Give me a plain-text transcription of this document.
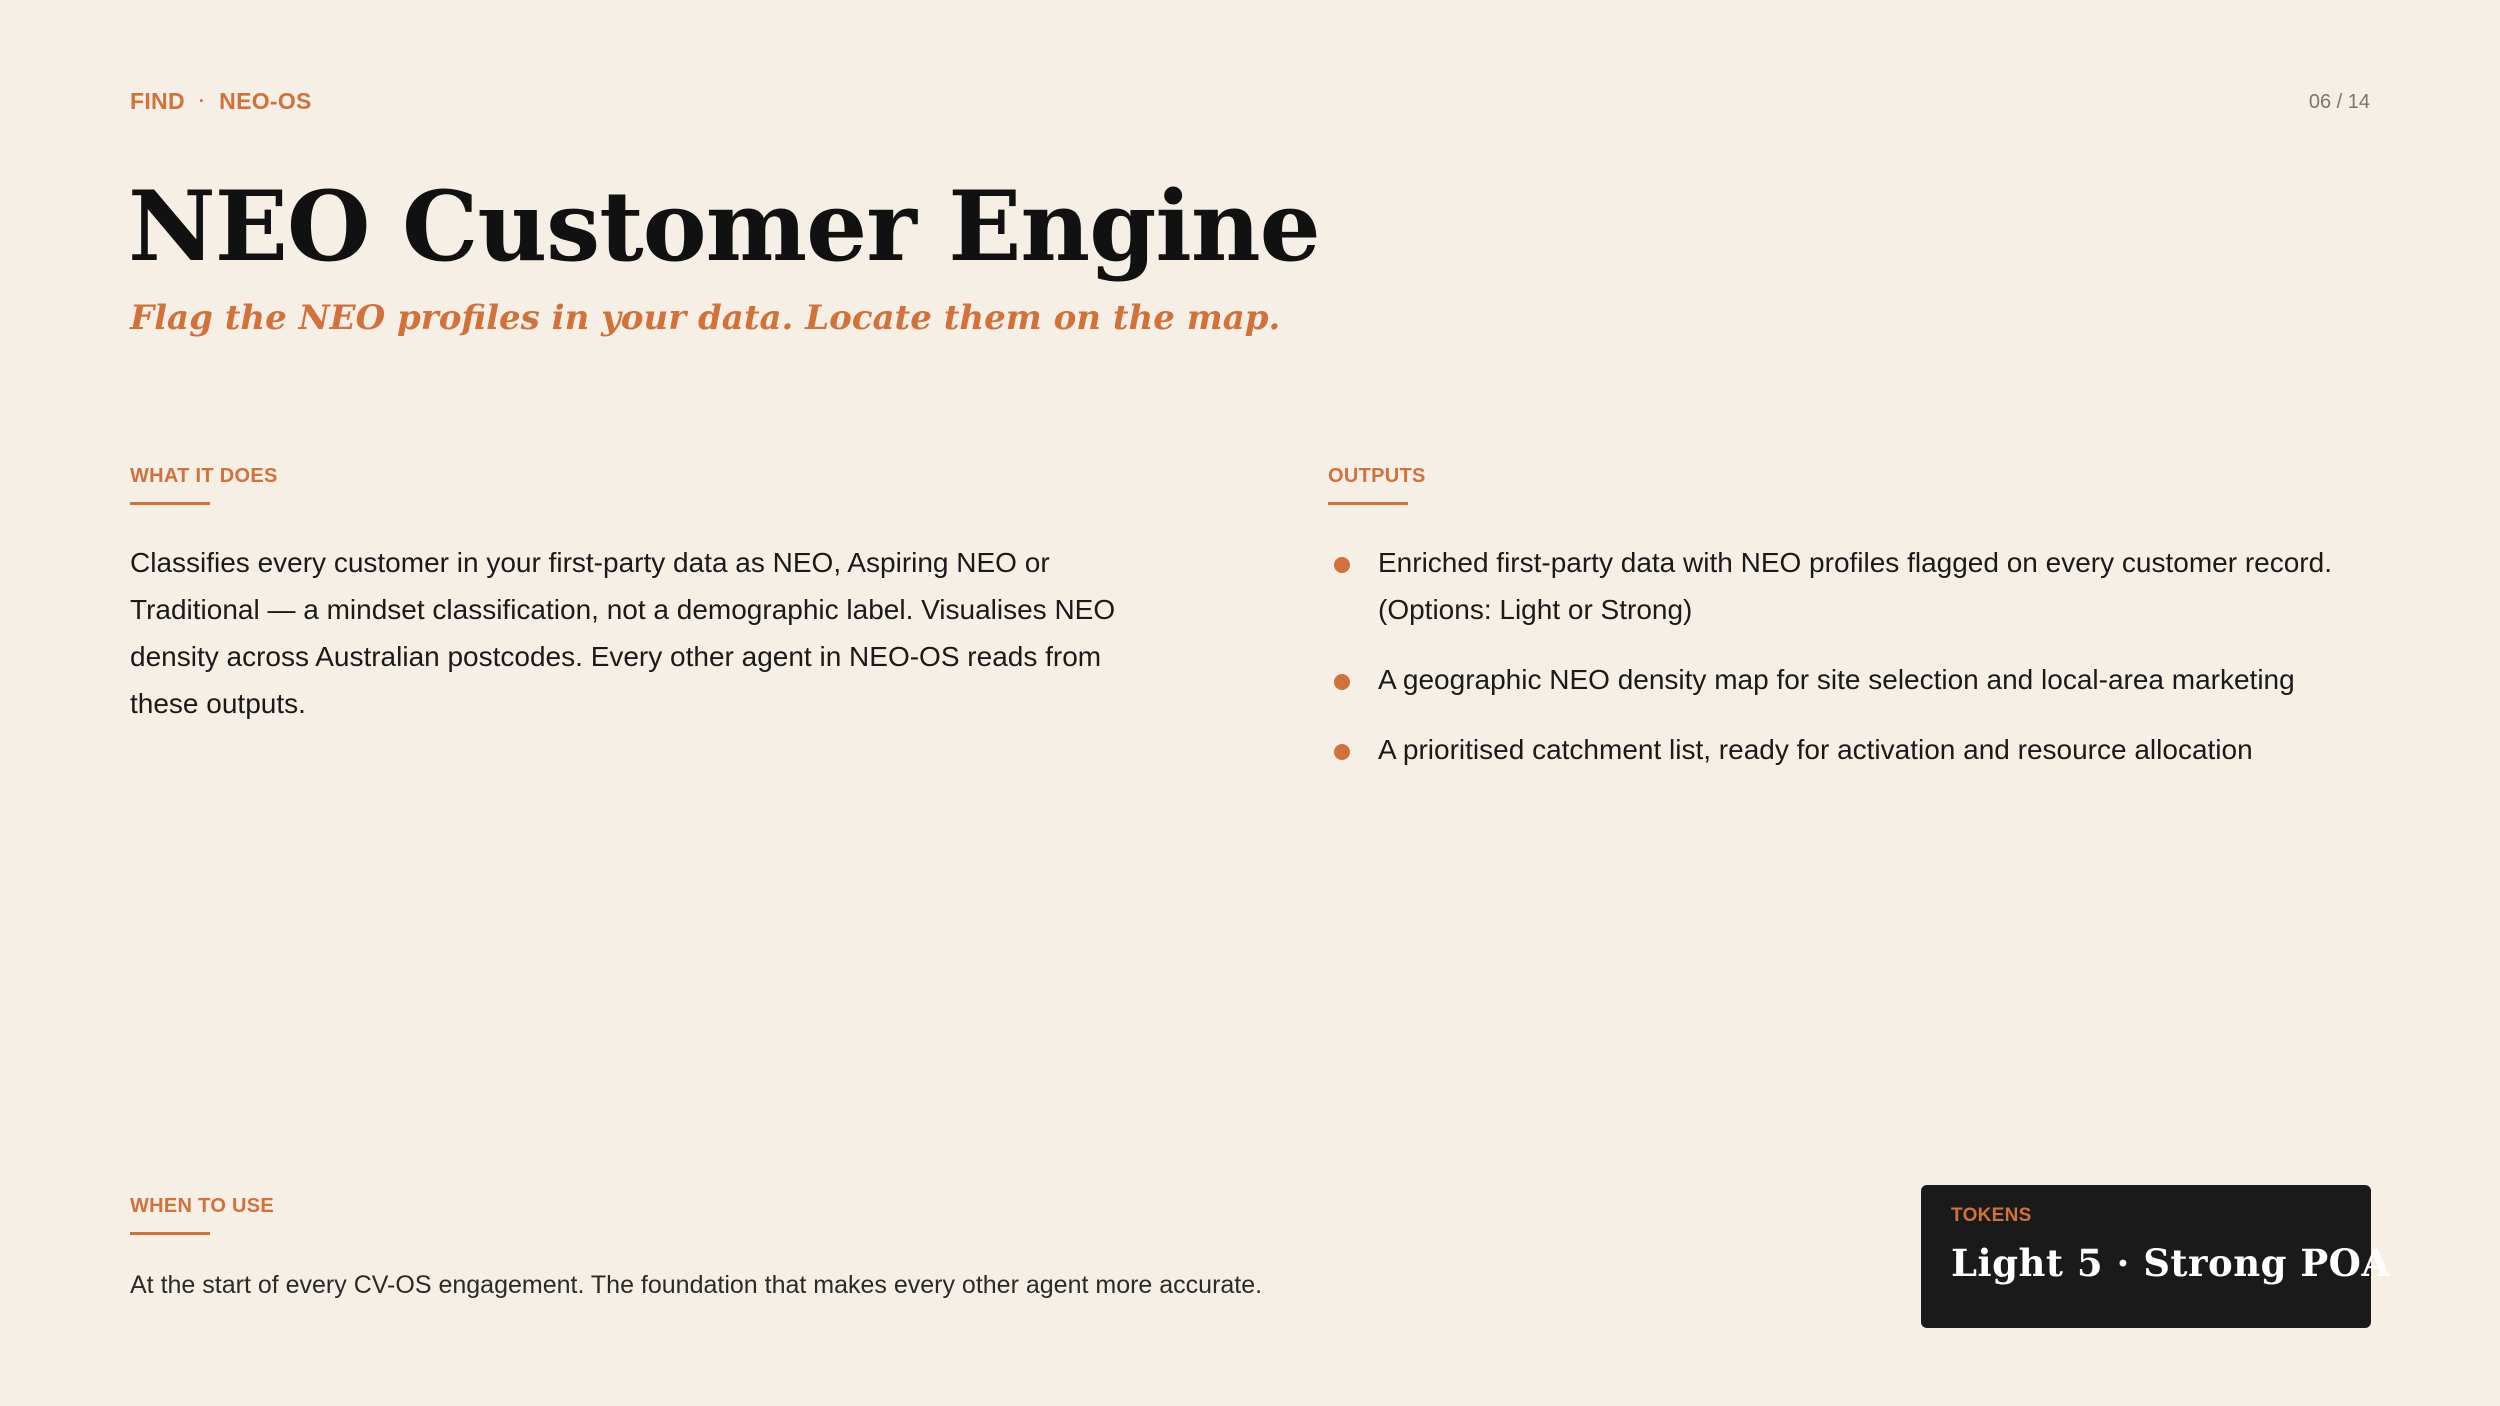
FIND · NEO-OS	06 / 14
NEO Customer Engine

Flag the NEO profiles in your data. Locate them on the map.

WHAT IT DOES
Classifies every customer in your first-party data as NEO, Aspiring NEO or Traditional — a mindset classification, not a demographic label. Visualises NEO density across Australian postcodes. Every other agent in NEO-OS reads from these outputs.
OUTPUTS
Enriched first-party data with NEO profiles flagged on every customer record. (Options: Light or Strong)
A geographic NEO density map for site selection and local-area marketing
A prioritised catchment list, ready for activation and resource allocation
WHEN TO USE
At the start of every CV-OS engagement. The foundation that makes every other agent more accurate.
TOKENS
Light 5 · Strong POA
